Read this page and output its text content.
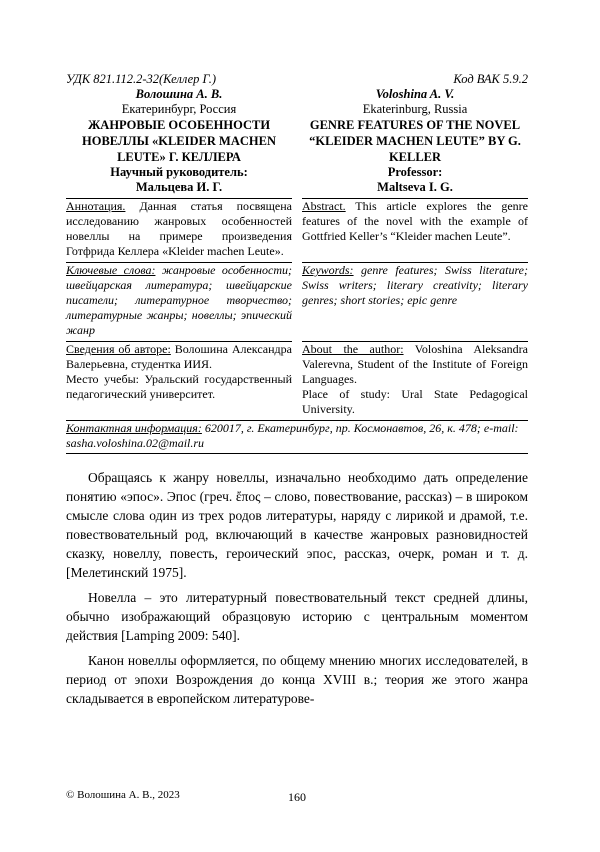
УДК 821.112.2-32(Келлер Г.)	Код ВАК 5.9.2
Волошина А. В.
Екатеринбург, Россия
ЖАНРОВЫЕ ОСОБЕННОСТИ НОВЕЛЛЫ «KLEIDER MACHEN LEUTE» Г. КЕЛЛЕРА
Научный руководитель:
Мальцева И. Г.
Voloshina A. V.
Ekaterinburg, Russia
GENRE FEATURES OF THE NOVEL “KLEIDER MACHEN LEUTE” BY G. KELLER
Professor:
Maltseva I. G.
Аннотация. Данная статья посвящена исследованию жанровых особенностей новеллы на примере произведения Готфрида Келлера «Kleider machen Leute».
Abstract. This article explores the genre features of the novel with the example of Gottfried Keller’s “Kleider machen Leute”.
Ключевые слова: жанровые особенности; швейцарская литература; швейцарские писатели; литературное творчество; литературные жанры; новеллы; эпический жанр
Keywords: genre features; Swiss literature; Swiss writers; literary creativity; literary genres; short stories; epic genre
Сведения об авторе: Волошина Александра Валерьевна, студентка ИИЯ.
Место учебы: Уральский государственный педагогический университет.
About the author: Voloshina Aleksandra Valerevna, Student of the Institute of Foreign Languages.
Place of study: Ural State Pedagogical University.
Контактная информация: 620017, г. Екатеринбург, пр. Космонавтов, 26, к. 478; e-mail: sasha.voloshina.02@mail.ru

Обращаясь к жанру новеллы, изначально необходимо дать определение понятию «эпос». Эпос (греч. ἔπος – слово, повествование, рассказ) – в широком смысле слова один из трех родов литературы, наряду с лирикой и драмой, т.е. повествовательный род, включающий в качестве жанровых разновидностей сказку, новеллу, повесть, героический эпос, рассказ, очерк, роман и т. д. [Мелетинский 1975].

Новелла – это литературный повествовательный текст средней длины, обычно изображающий образцовую историю с центральным моментом действия [Lamping 2009: 540].

Канон новеллы оформляется, по общему мнению многих исследователей, в период от эпохи Возрождения до конца XVIII в.; теория же этого жанра складывается в европейском литературове-

© Волошина А. В., 2023	160
